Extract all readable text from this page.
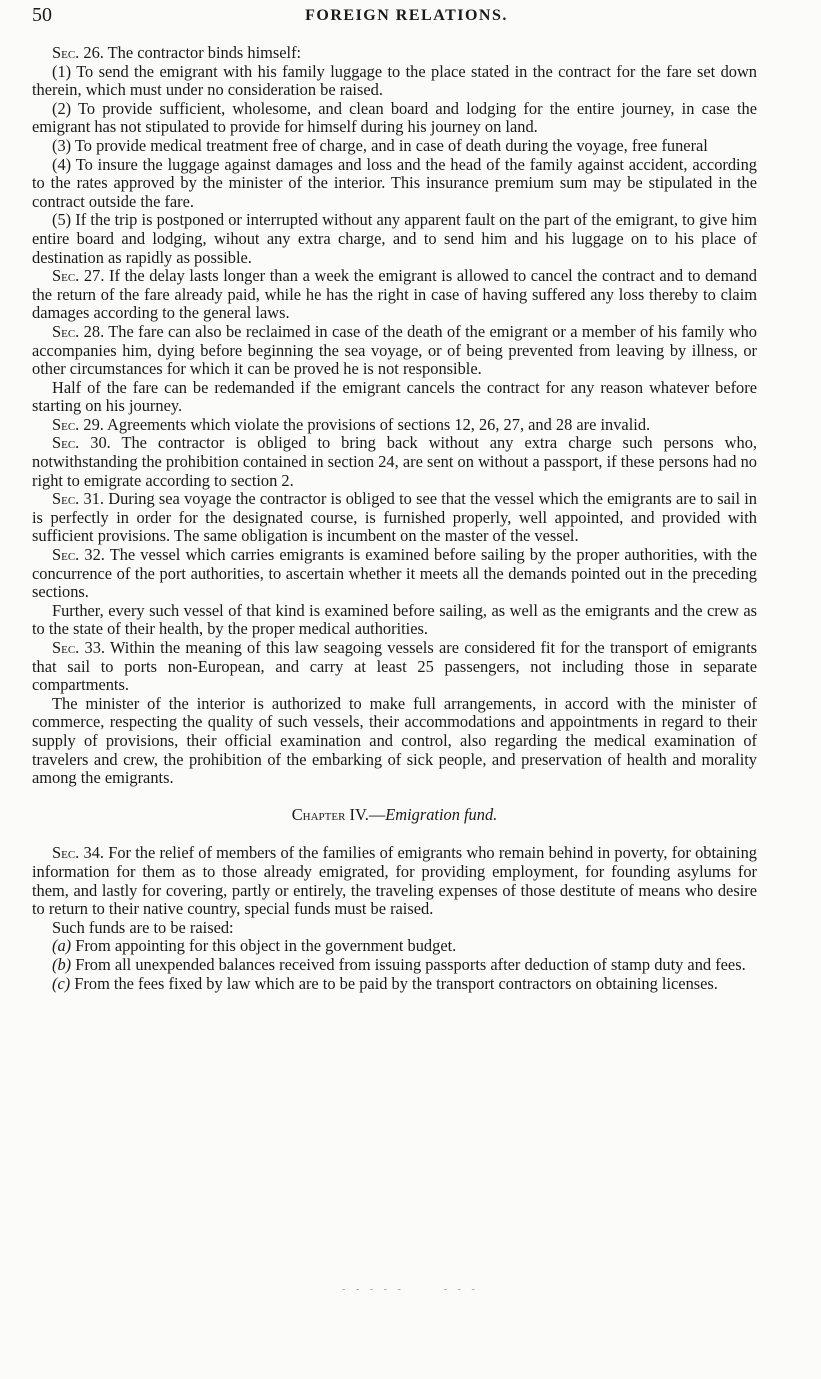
50	FOREIGN RELATIONS.

Sec. 26. The contractor binds himself:

(1) To send the emigrant with his family luggage to the place stated in the contract for the fare set down therein, which must under no consideration be raised.

(2) To provide sufficient, wholesome, and clean board and lodging for the entire journey, in case the emigrant has not stipulated to provide for himself during his journey on land.

(3) To provide medical treatment free of charge, and in case of death during the voyage, free funeral

(4) To insure the luggage against damages and loss and the head of the family against accident, according to the rates approved by the minister of the interior. This insurance premium sum may be stipulated in the contract outside the fare.

(5) If the trip is postponed or interrupted without any apparent fault on the part of the emigrant, to give him entire board and lodging, wihout any extra charge, and to send him and his luggage on to his place of destination as rapidly as possible.

Sec. 27. If the delay lasts longer than a week the emigrant is allowed to cancel the contract and to demand the return of the fare already paid, while he has the right in case of having suffered any loss thereby to claim damages according to the general laws.

Sec. 28. The fare can also be reclaimed in case of the death of the emigrant or a member of his family who accompanies him, dying before beginning the sea voyage, or of being prevented from leaving by illness, or other circumstances for which it can be proved he is not responsible.

Half of the fare can be redemanded if the emigrant cancels the contract for any reason whatever before starting on his journey.

Sec. 29. Agreements which violate the provisions of sections 12, 26, 27, and 28 are invalid.

Sec. 30. The contractor is obliged to bring back without any extra charge such persons who, notwithstanding the prohibition contained in section 24, are sent on without a passport, if these persons had no right to emigrate according to section 2.

Sec. 31. During sea voyage the contractor is obliged to see that the vessel which the emigrants are to sail in is perfectly in order for the designated course, is furnished properly, well appointed, and provided with sufficient provisions. The same obligation is incumbent on the master of the vessel.

Sec. 32. The vessel which carries emigrants is examined before sailing by the proper authorities, with the concurrence of the port authorities, to ascertain whether it meets all the demands pointed out in the preceding sections.

Further, every such vessel of that kind is examined before sailing, as well as the emigrants and the crew as to the state of their health, by the proper medical authorities.

Sec. 33. Within the meaning of this law seagoing vessels are considered fit for the transport of emigrants that sail to ports non-European, and carry at least 25 passengers, not including those in separate compartments.

The minister of the interior is authorized to make full arrangements, in accord with the minister of commerce, respecting the quality of such vessels, their accommodations and appointments in regard to their supply of provisions, their official examination and control, also regarding the medical examination of travelers and crew, the prohibition of the embarking of sick people, and preservation of health and morality among the emigrants.

Chapter IV.—Emigration fund.

Sec. 34. For the relief of members of the families of emigrants who remain behind in poverty, for obtaining information for them as to those already emigrated, for providing employment, for founding asylums for them, and lastly for covering, partly or entirely, the traveling expenses of those destitute of means who desire to return to their native country, special funds must be raised.

Such funds are to be raised:

(a) From appointing for this object in the government budget.

(b) From all unexpended balances received from issuing passports after deduction of stamp duty and fees.

(c) From the fees fixed by law which are to be paid by the transport contractors on obtaining licenses.

- - - - -      - - -
